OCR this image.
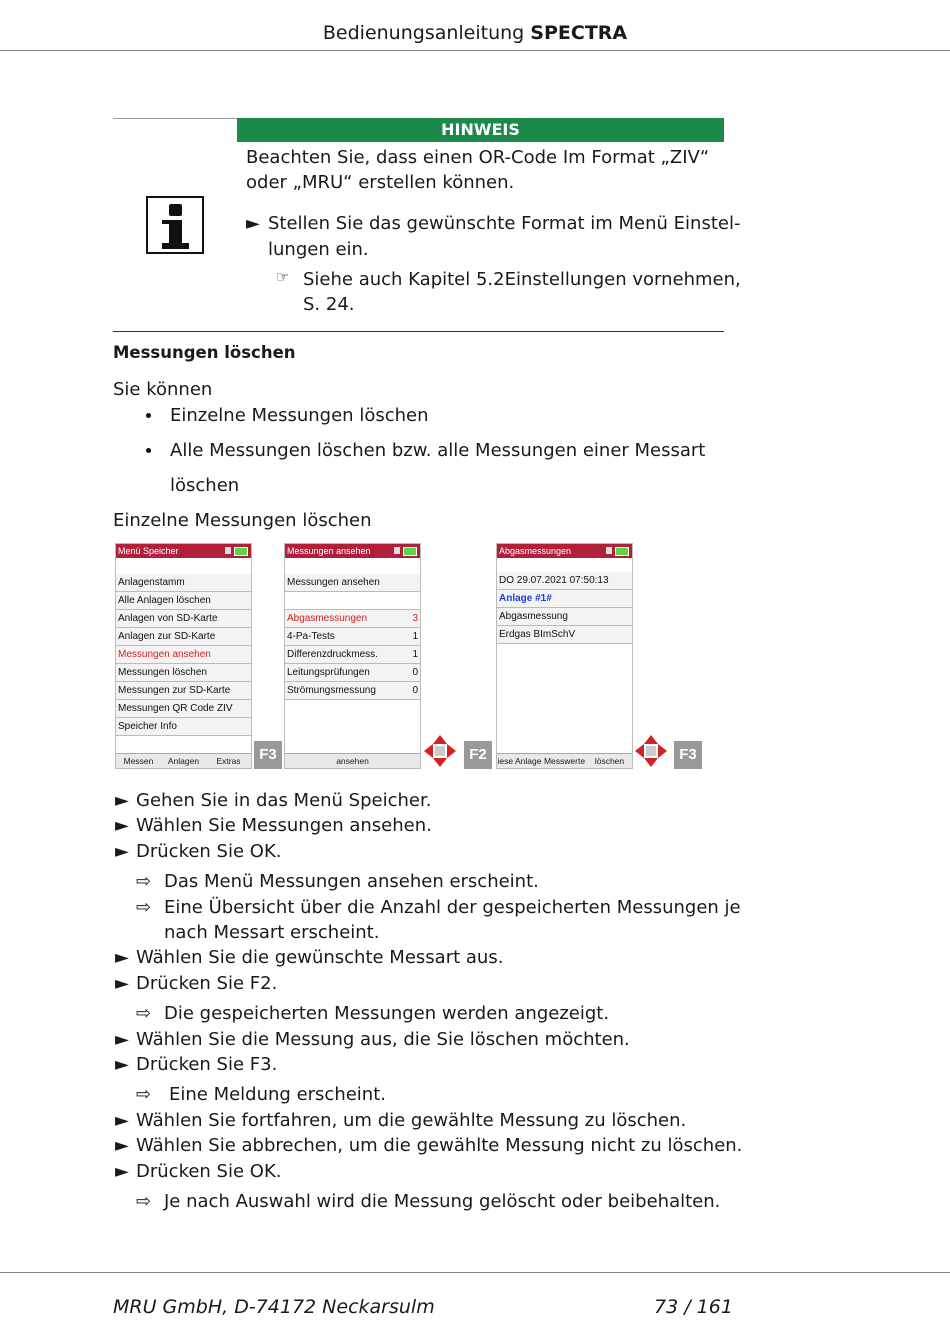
Bedienungsanleitung SPECTRA
HINWEIS
Beachten Sie, dass einen OR-Code Im Format „ZIV“
oder „MRU“ erstellen können.
► Stellen Sie das gewünschte Format im Menü Einstel-
lungen ein.
☞ Siehe auch Kapitel 5.2Einstellungen vornehmen,
S. 24.
Messungen löschen
Sie können
Einzelne Messungen löschen
Alle Messungen löschen bzw. alle Messungen einer Messart
löschen
Einzelne Messungen löschen
Menü Speicher
Anlagenstamm
Alle Anlagen löschen
Anlagen von SD-Karte
Anlagen zur SD-Karte
Messungen ansehen
Messungen löschen
Messungen zur SD-Karte
Messungen QR Code ZIV
Speicher Info
Messen	Anlagen	Extras	F3
Messungen ansehen
Messungen ansehen
Abgasmessungen	3
4-Pa-Tests	1
Differenzdruckmess.	1
Leitungsprüfungen	0
Strömungsmessung	0
ansehen	F2
Abgasmessungen
DO 29.07.2021 07:50:13
Anlage #1#
Abgasmessung
Erdgas BImSchV
iese Anlage Messwerte	löschen	F3
► Gehen Sie in das Menü Speicher.
► Wählen Sie Messungen ansehen.
► Drücken Sie OK.
⇨ Das Menü Messungen ansehen erscheint.
⇨ Eine Übersicht über die Anzahl der gespeicherten Messungen je
nach Messart erscheint.
► Wählen Sie die gewünschte Messart aus.
► Drücken Sie F2.
⇨ Die gespeicherten Messungen werden angezeigt.
► Wählen Sie die Messung aus, die Sie löschen möchten.
► Drücken Sie F3.
⇨ Eine Meldung erscheint.
► Wählen Sie fortfahren, um die gewählte Messung zu löschen.
► Wählen Sie abbrechen, um die gewählte Messung nicht zu löschen.
► Drücken Sie OK.
⇨ Je nach Auswahl wird die Messung gelöscht oder beibehalten.
MRU GmbH, D-74172 Neckarsulm	73 / 161
